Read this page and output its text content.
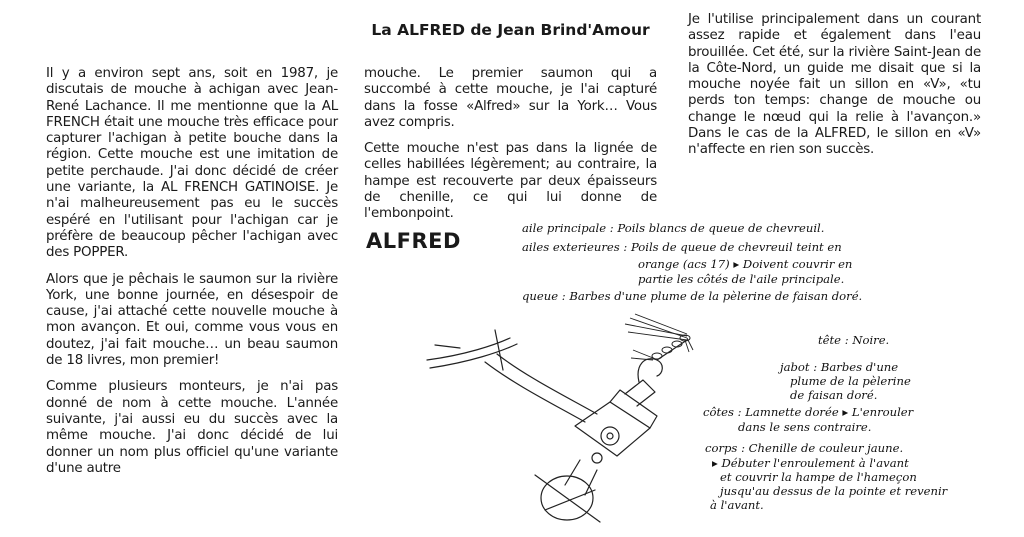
La ALFRED de Jean Brind'Amour

Il y a environ sept ans, soit en 1987, je discutais de mouche à achigan avec Jean-René Lachance. Il me mentionne que la AL FRENCH était une mouche très efficace pour capturer l'achigan à petite bouche dans la région. Cette mouche est une imitation de petite perchaude. J'ai donc décidé de créer une variante, la AL FRENCH GATINOISE. Je n'ai malheureusement pas eu le succès espéré en l'utilisant pour l'achigan car je préfère de beaucoup pêcher l'achigan avec des POPPER.

Alors que je pêchais le saumon sur la rivière York, une bonne journée, en désespoir de cause, j'ai attaché cette nouvelle mouche à mon avançon. Et oui, comme vous vous en doutez, j'ai fait mouche… un beau saumon de 18 livres, mon premier!

Comme plusieurs monteurs, je n'ai pas donné de nom à cette mouche. L'année suivante, j'ai aussi eu du succès avec la même mouche. J'ai donc décidé de lui donner un nom plus officiel qu'une variante d'une autre

mouche. Le premier saumon qui a succombé à cette mouche, je l'ai capturé dans la fosse «Alfred» sur la York… Vous avez compris.

Cette mouche n'est pas dans la lignée de celles habillées légèrement; au contraire, la hampe est recouverte par deux épaisseurs de chenille, ce qui lui donne de l'embonpoint.

Je l'utilise principalement dans un courant assez rapide et également dans l'eau brouillée. Cet été, sur la rivière Saint-Jean de la Côte-Nord, un guide me disait que si la mouche noyée fait un sillon en «V», «tu perds ton temps: change de mouche ou change le nœud qui la relie à l'avançon.» Dans le cas de la ALFRED, le sillon en «V» n'affecte en rien son succès.

ALFRED
aile principale : Poils blancs de queue de chevreuil.
ailes exterieures : Poils de queue de chevreuil teint en
orange (acs 17) ▸ Doivent couvrir en
partie les côtés de l'aile principale.
queue : Barbes d'une plume de la pèlerine de faisan doré.
tête : Noire.
jabot : Barbes d'une
plume de la pèlerine
de faisan doré.
côtes : Lamnette dorée ▸ L'enrouler
dans le sens contraire.
corps : Chenille de couleur jaune.
▸ Débuter l'enroulement à l'avant
et couvrir la hampe de l'hameçon
jusqu'au dessus de la pointe et revenir
à l'avant.
